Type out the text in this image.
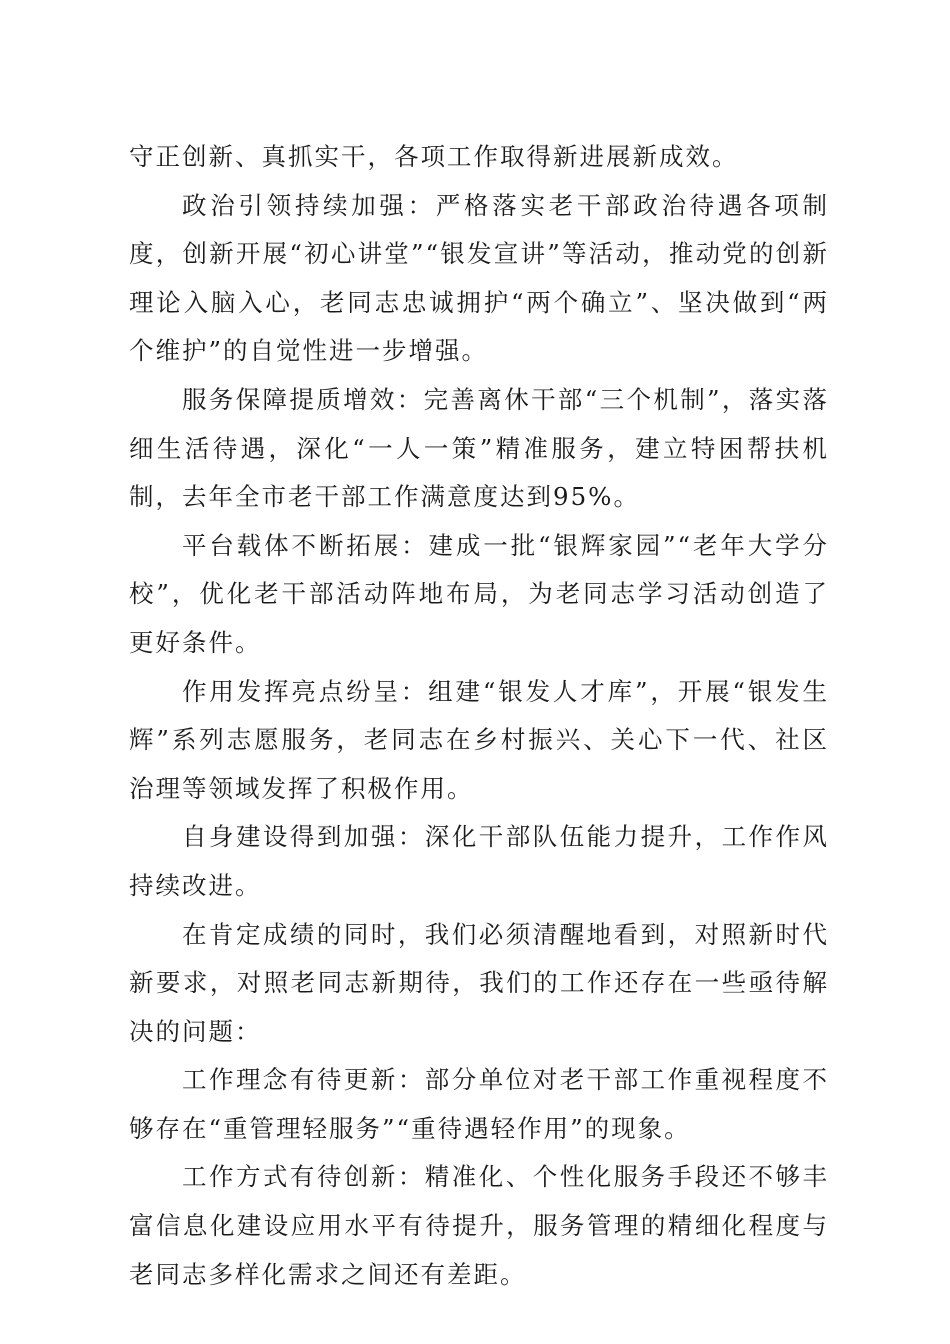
守正创新、真抓实干，各项工作取得新进展新成效。

政治引领持续加强：严格落实老干部政治待遇各项制度，创新开展“初心讲堂”“银发宣讲”等活动，推动党的创新理论入脑入心，老同志忠诚拥护“两个确立”、坚决做到“两个维护”的自觉性进一步增强。

服务保障提质增效：完善离休干部“三个机制”，落实落细生活待遇，深化“一人一策”精准服务，建立特困帮扶机制，去年全市老干部工作满意度达到95%。

平台载体不断拓展：建成一批“银辉家园”“老年大学分校”，优化老干部活动阵地布局，为老同志学习活动创造了更好条件。

作用发挥亮点纷呈：组建“银发人才库”，开展“银发生辉”系列志愿服务，老同志在乡村振兴、关心下一代、社区治理等领域发挥了积极作用。

自身建设得到加强：深化干部队伍能力提升，工作作风持续改进。

在肯定成绩的同时，我们必须清醒地看到，对照新时代新要求，对照老同志新期待，我们的工作还存在一些亟待解决的问题：

工作理念有待更新：部分单位对老干部工作重视程度不够存在“重管理轻服务”“重待遇轻作用”的现象。

工作方式有待创新：精准化、个性化服务手段还不够丰富信息化建设应用水平有待提升，服务管理的精细化程度与老同志多样化需求之间还有差距。
